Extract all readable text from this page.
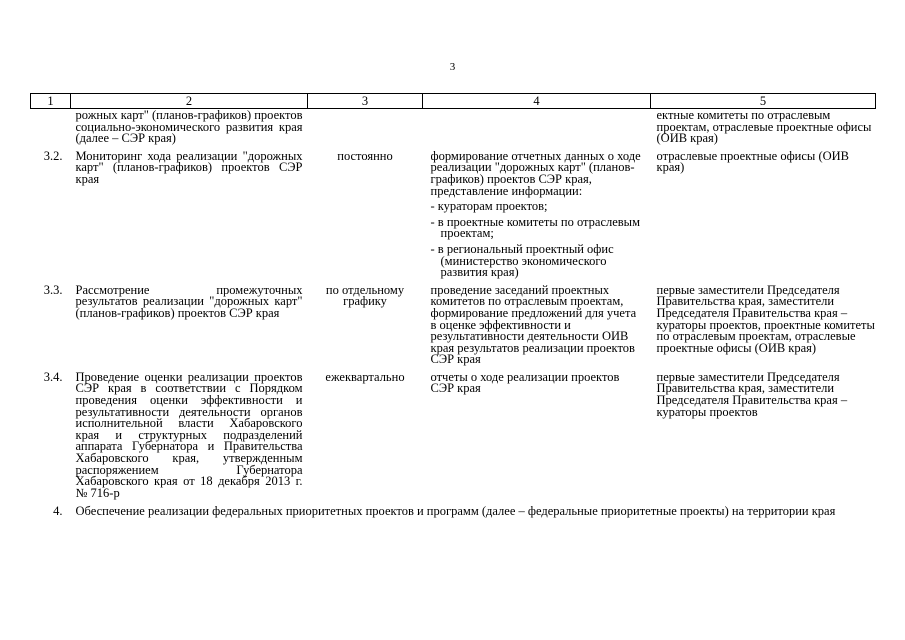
3
1	2	3	4	5
	рожных карт" (планов-графиков) проектов социально-экономического развития края (далее – СЭР края)			ектные комитеты по отраслевым проектам, отраслевые проектные офисы (ОИВ края)
3.2.	Мониторинг хода реализации "дорожных карт" (планов-графиков) проектов СЭР края	постоянно	формирование отчетных данных о ходе реализации "дорожных карт" (планов-графиков) проектов СЭР края, представление информации:

- кураторам проектов;

- в проектные комитеты по отраслевым проектам;

- в региональный проектный офис (министерство экономического развития края)	отраслевые проектные офисы (ОИВ края)
3.3.	Рассмотрение промежуточных результатов реализации "дорожных карт" (планов-графиков) проектов СЭР края	по отдельному графику	проведение заседаний проектных комитетов по отраслевым проектам, формирование предложений для учета в оценке эффективности и результативности деятельности ОИВ края результатов реализации проектов СЭР края	первые заместители Председателя Правительства края, заместители Председателя Правительства края – кураторы проектов, проектные комитеты по отраслевым проектам, отраслевые проектные офисы (ОИВ края)
3.4.	Проведение оценки реализации проектов СЭР края в соответствии с Порядком проведения оценки эффективности и результативности деятельности органов исполнительной власти Хабаровского края и структурных подразделений аппарата Губернатора и Правительства Хабаровского края, утвержденным распоряжением Губернатора Хабаровского края от 18 декабря 2013 г. № 716-р	ежеквартально	отчеты о ходе реализации проектов СЭР края	первые заместители Председателя Правительства края, заместители Председателя Правительства края – кураторы проектов
4.	Обеспечение реализации федеральных приоритетных проектов и программ (далее – федеральные приоритетные проекты) на территории края			
